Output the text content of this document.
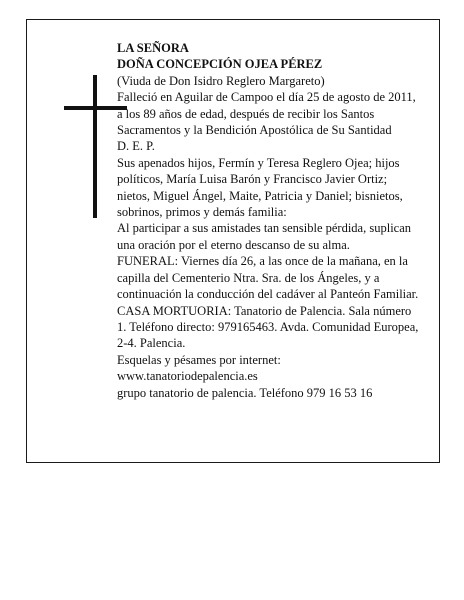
LA SEÑORA

DOÑA CONCEPCIÓN OJEA PÉREZ

(Viuda de Don Isidro Reglero Margareto)

Falleció en Aguilar de Campoo el día 25 de agosto de 2011, a los 89 años de edad, después de recibir los Santos Sacramentos y la Bendición Apostólica de Su Santidad

D. E. P.

Sus apenados hijos, Fermín y Teresa Reglero Ojea; hijos políticos, María Luisa Barón y Francisco Javier Ortiz; nietos, Miguel Ángel, Maite, Patricia y Daniel; bisnietos, sobrinos, primos y demás familia:

Al participar a sus amistades tan sensible pérdida, suplican una oración por el eterno descanso de su alma.

FUNERAL: Viernes día 26, a las once de la mañana, en la capilla del Cementerio Ntra. Sra. de los Ángeles, y a continuación la conducción del cadáver al Panteón Familiar.

CASA MORTUORIA: Tanatorio de Palencia. Sala número 1. Teléfono directo: 979165463. Avda. Comunidad Europea, 2-4. Palencia.

Esquelas y pésames por internet:

www.tanatoriodepalencia.es

grupo tanatorio de palencia. Teléfono 979 16 53 16
